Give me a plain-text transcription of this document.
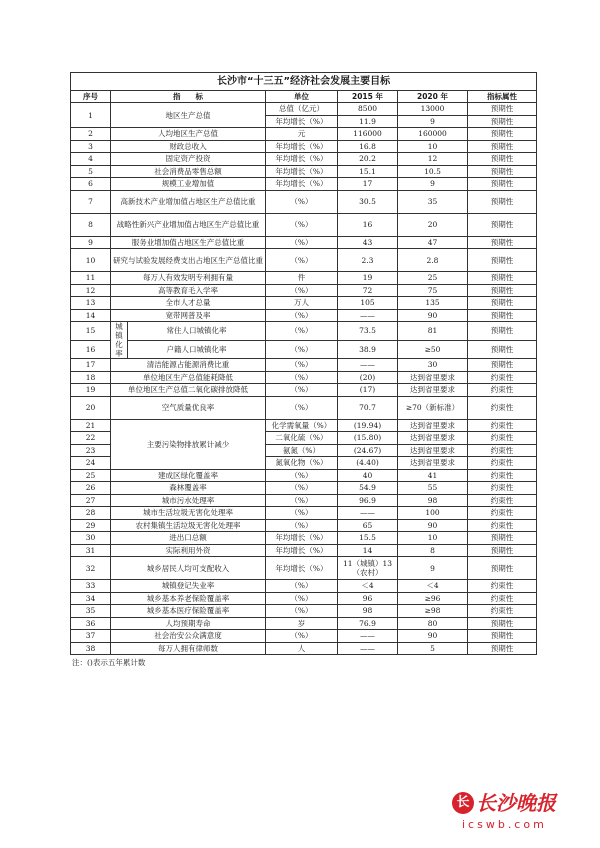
长沙市“十三五”经济社会发展主要目标						
序号	指　　标		单位	2015 年	2020 年	指标属性
1	地区生产总值		总值（亿元）	8500	13000	预期性
			年均增长（%）	11.9	9	预期性
2	人均地区生产总值		元	116000	160000	预期性
3	财政总收入		年均增长（%）	16.8	10	预期性
4	固定资产投资		年均增长（%）	20.2	12	预期性
5	社会消费品零售总额		年均增长（%）	15.1	10.5	预期性
6	规模工业增加值		年均增长（%）	17	9	预期性
7	高新技术产业增加值占地区生产总值比重		（%）	30.5	35	预期性
8	战略性新兴产业增加值占地区生产总值比重		（%）	16	20	预期性
9	服务业增加值占地区生产总值比重		（%）	43	47	预期性
10	研究与试验发展经费支出占地区生产总值比重		（%）	2.3	2.8	预期性
11	每万人有效发明专利拥有量		件	19	25	预期性
12	高等教育毛入学率		（%）	72	75	预期性
13	全市人才总量		万人	105	135	预期性
14	宽带网普及率		（%）	——	90	预期性
15	城镇化率	常住人口城镇化率	（%）	73.5	81	预期性
16		户籍人口城镇化率	（%）	38.9	≥50	预期性
17	清洁能源占能源消费比重		（%）	——	30	预期性
18	单位地区生产总值能耗降低		（%）	(20)	达到省里要求	约束性
19	单位地区生产总值二氧化碳排放降低		（%）	(17)	达到省里要求	约束性
20	空气质量优良率		（%）	70.7	≥70（新标准）	约束性
21	主要污染物排放累计减少		化学需氧量（%）	(19.94)	达到省里要求	约束性
22			二氧化硫（%）	(15.80)	达到省里要求	约束性
23			氨氮（%）	(24.67)	达到省里要求	约束性
24			氮氧化物（%）	(4.40)	达到省里要求	约束性
25	建成区绿化覆盖率		（%）	40	41	约束性
26	森林覆盖率		（%）	54.9	55	约束性
27	城市污水处理率		（%）	96.9	98	约束性
28	城市生活垃圾无害化处理率		（%）	——	100	约束性
29	农村集镇生活垃圾无害化处理率		（%）	65	90	约束性
30	进出口总额		年均增长（%）	15.5	10	预期性
31	实际利用外资		年均增长（%）	14	8	预期性
32	城乡居民人均可支配收入		年均增长（%）	11（城镇）13（农村）	9	预期性
33	城镇登记失业率		（%）	＜4	＜4	约束性
34	城乡基本养老保险覆盖率		（%）	96	≥96	约束性
35	城乡基本医疗保险覆盖率		（%）	98	≥98	约束性
36	人均预期寿命		岁	76.9	80	预期性
37	社会治安公众满意度		（%）	——	90	预期性
38	每万人拥有律师数		人	——	5	预期性
注：()表示五年累计数
长 长沙晚报
icswb.com
